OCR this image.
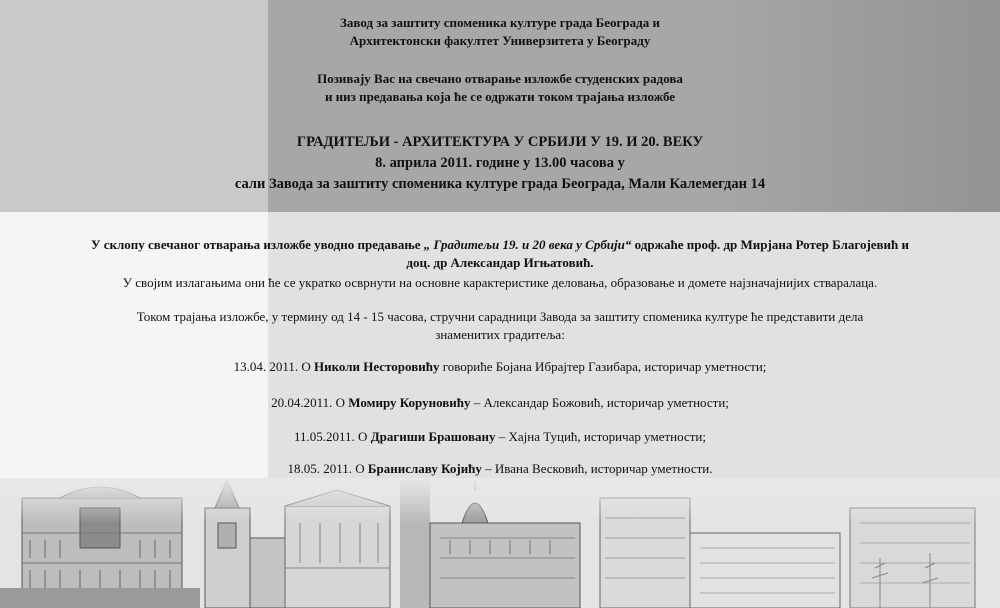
Завод за заштиту споменика културе града Београда и
Архитектонски факултет Универзитета у Београду
Позивају Вас на свечано отварање изложбе студенских радова
и низ предавања која ће се одржати током трајања изложбе
ГРАДИТЕЉИ - АРХИТЕКТУРА У СРБИЈИ У 19. И 20. ВЕКУ
8. априла 2011. године у 13.00 часова у
сали Завода за заштиту споменика културе града Београда, Мали Калемегдан 14
У склопу свечаног отварања изложбе уводно предавање „ Градитељи 19. и 20 века у Србији“ одржаће проф. др Мирјана Ротер Благојевић и доц. др Александар Игњатовић.
У својим излагањима они ће се укратко осврнути на основне карактеристике деловања, образовање и домете најзначајнијих стваралаца.
Током трајања изложбе, у термину од 14 - 15 часова, стручни сарадници Завода за заштиту споменика културе ће представити дела знаменитих градитеља:
13.04. 2011. О Николи Несторовићу говориће Бојана Ибрајтер Газибара, историчар уметности;
20.04.2011. О Момиру Коруновићу – Александар Божовић, историчар уметности;
11.05.2011. О Драгиши Брашовану – Хајна Туцић, историчар уметности;
18.05. 2011. О Браниславу Којићу – Ивана Весковић, историчар уметности.
